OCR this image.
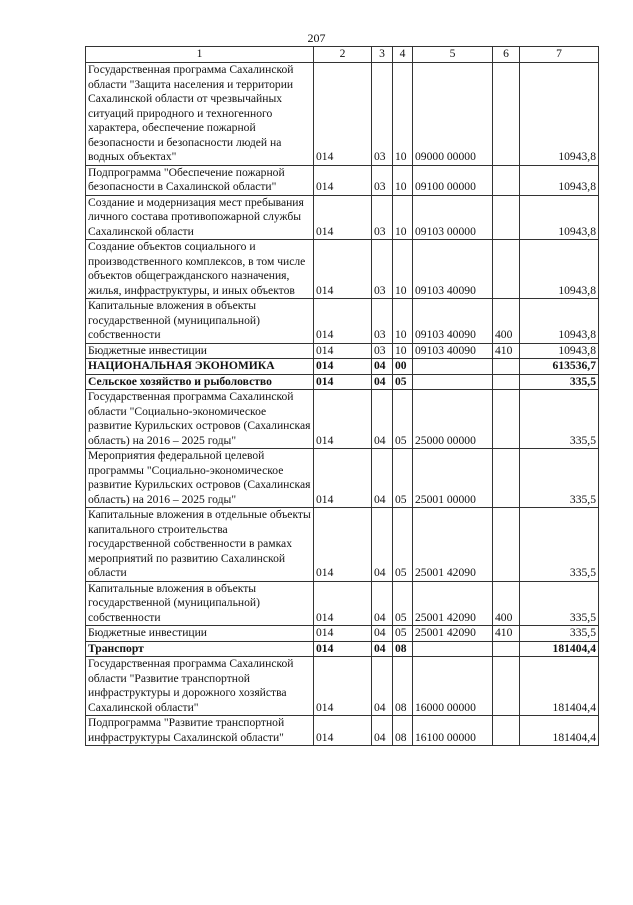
207
1	2	3	4	5	6	7
Государственная программа Сахалинской области "Защита населения и территории Сахалинской области от чрезвычайных ситуаций природного и техногенного характера, обеспечение пожарной безопасности и безопасности людей на водных объектах"	014	03	10	09000 00000		10943,8
Подпрограмма "Обеспечение пожарной безопасности в Сахалинской области"	014	03	10	09100 00000		10943,8
Создание и модернизация мест пребывания личного состава противопожарной службы Сахалинской области	014	03	10	09103 00000		10943,8
Создание объектов социального и производственного комплексов, в том числе объектов общегражданского назначения, жилья, инфраструктуры, и иных объектов	014	03	10	09103 40090		10943,8
Капитальные вложения в объекты государственной (муниципальной) собственности	014	03	10	09103 40090	400	10943,8
Бюджетные инвестиции	014	03	10	09103 40090	410	10943,8
НАЦИОНАЛЬНАЯ ЭКОНОМИКА	014	04	00			613536,7
Сельское хозяйство и рыболовство	014	04	05			335,5
Государственная программа Сахалинской области "Социально-экономическое развитие Курильских островов (Сахалинская область) на 2016 – 2025 годы"	014	04	05	25000 00000		335,5
Мероприятия федеральной целевой программы "Социально-экономическое развитие Курильских островов (Сахалинская область) на 2016 – 2025 годы"	014	04	05	25001 00000		335,5
Капитальные вложения в отдельные объекты капитального строительства государственной собственности в рамках мероприятий по развитию Сахалинской области	014	04	05	25001 42090		335,5
Капитальные вложения в объекты государственной (муниципальной) собственности	014	04	05	25001 42090	400	335,5
Бюджетные инвестиции	014	04	05	25001 42090	410	335,5
Транспорт	014	04	08			181404,4
Государственная программа Сахалинской области "Развитие транспортной инфраструктуры и дорожного хозяйства Сахалинской области"	014	04	08	16000 00000		181404,4
Подпрограмма "Развитие транспортной инфраструктуры Сахалинской области"	014	04	08	16100 00000		181404,4
